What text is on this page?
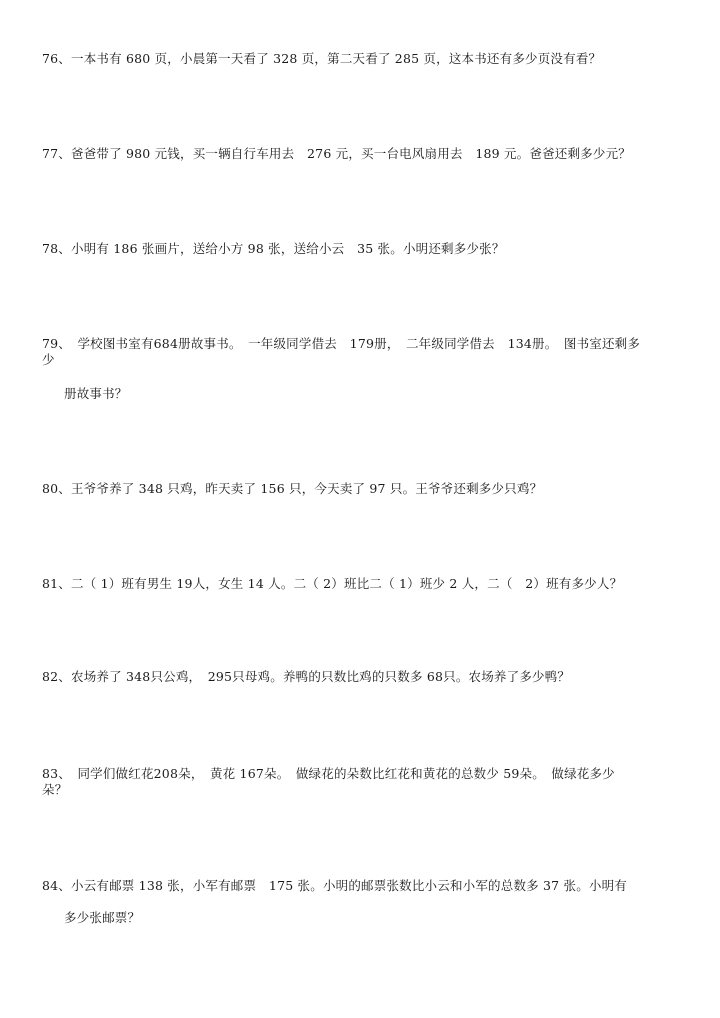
76、一本书有 680 页，小晨第一天看了 328 页，第二天看了 285 页，这本书还有多少页没有看？
77、爸爸带了 980 元钱，买一辆自行车用去　276 元，买一台电风扇用去　189 元。爸爸还剩多少元？
78、小明有 186 张画片，送给小方 98 张，送给小云　35 张。小明还剩多少张？
79、　学校图书室有684册故事书。　一年级同学借去　179册，　二年级同学借去　134册。　图书室还剩多
少
册故事书？
80、王爷爷养了 348 只鸡，昨天卖了 156 只，今天卖了 97 只。王爷爷还剩多少只鸡？
81、二（ 1）班有男生 19人，女生 14 人。二（ 2）班比二（ 1）班少 2 人，二（　2）班有多少人？
82、农场养了 348只公鸡，　295只母鸡。养鸭的只数比鸡的只数多 68只。农场养了多少鸭？
83、　同学们做红花208朵，　黄花 167朵。　做绿花的朵数比红花和黄花的总数少 59朵。　做绿花多少
朵？
84、小云有邮票 138 张，小军有邮票　175 张。小明的邮票张数比小云和小军的总数多 37 张。小明有
多少张邮票？
